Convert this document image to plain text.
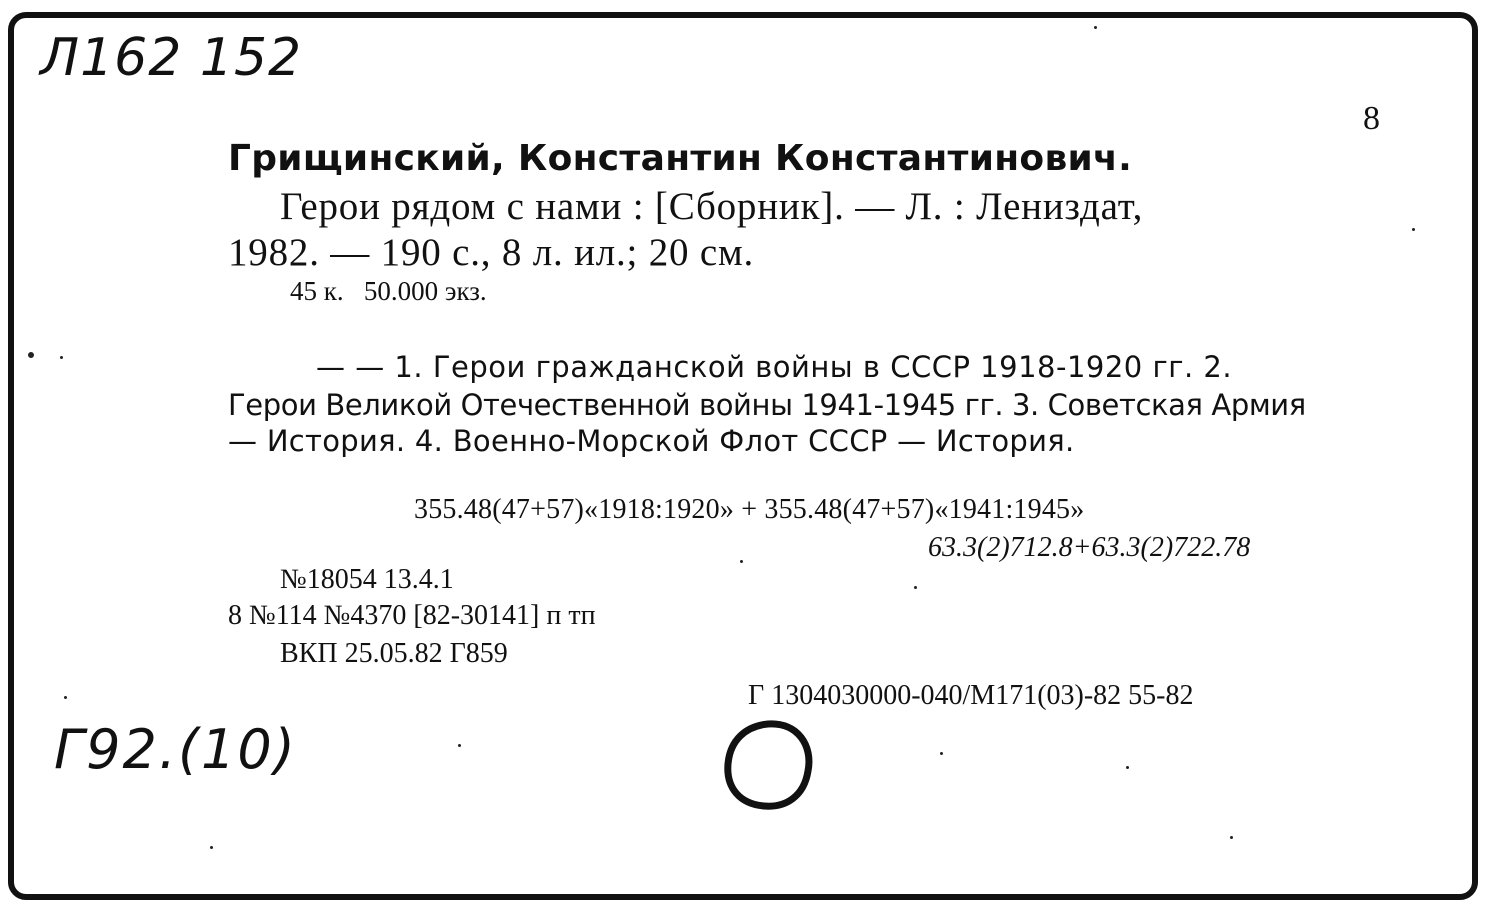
Л162 152
8
Грищинский, Константин Константинович.
Герои рядом с нами : [Сборник]. — Л. : Лениздат,
1982. — 190 с., 8 л. ил.; 20 см.
45 к.   50.000 экз.
— — 1. Герои гражданской войны в СССР 1918-1920 гг. 2.
Герои Великой Отечественной войны 1941-1945 гг. 3. Советская Армия
— История. 4. Военно-Морской Флот СССР — История.
355.48(47+57)«1918:1920» + 355.48(47+57)«1941:1945»
63.3(2)712.8+63.3(2)722.78
№18054 13.4.1
8 №114 №4370 [82-30141] п тп
ВКП 25.05.82 Г859
Г 1304030000-040/М171(03)-82 55-82
Г92.(10)
